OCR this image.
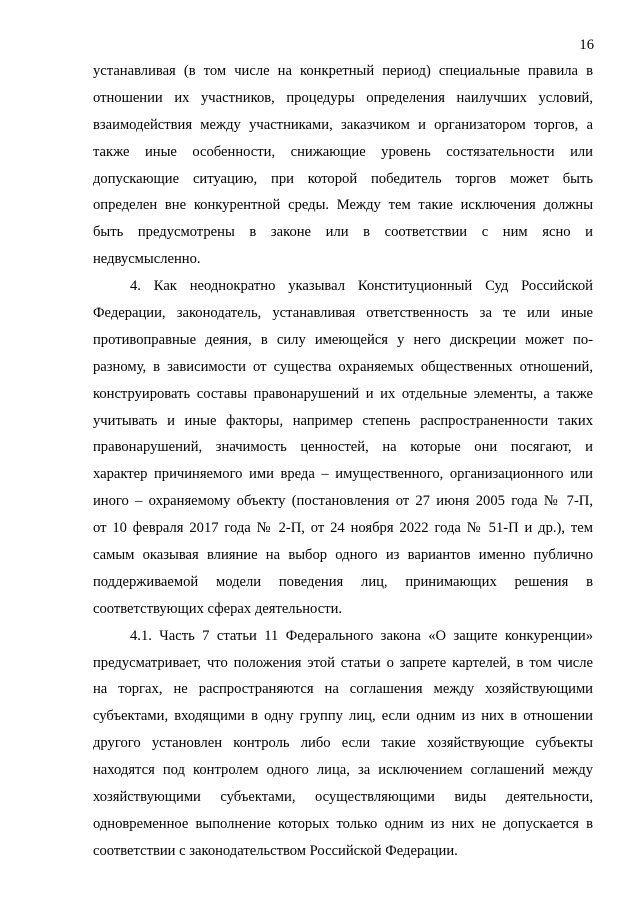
16
устанавливая (в том числе на конкретный период) специальные правила в
отношении их участников, процедуры определения наилучших условий,
взаимодействия между участниками, заказчиком и организатором торгов, а
также иные особенности, снижающие уровень состязательности или
допускающие ситуацию, при которой победитель торгов может быть
определен вне конкурентной среды. Между тем такие исключения должны
быть предусмотрены в законе или в соответствии с ним ясно и
недвусмысленно.
4. Как неоднократно указывал Конституционный Суд Российской
Федерации, законодатель, устанавливая ответственность за те или иные
противоправные деяния, в силу имеющейся у него дискреции может по-
разному, в зависимости от существа охраняемых общественных отношений,
конструировать составы правонарушений и их отдельные элементы, а также
учитывать и иные факторы, например степень распространенности таких
правонарушений, значимость ценностей, на которые они посягают, и
характер причиняемого ими вреда – имущественного, организационного или
иного – охраняемому объекту (постановления от 27 июня 2005 года № 7-П,
от 10 февраля 2017 года № 2-П, от 24 ноября 2022 года № 51-П и др.), тем
самым оказывая влияние на выбор одного из вариантов именно публично
поддерживаемой модели поведения лиц, принимающих решения в
соответствующих сферах деятельности.
4.1. Часть 7 статьи 11 Федерального закона «О защите конкуренции»
предусматривает, что положения этой статьи о запрете картелей, в том числе
на торгах, не распространяются на соглашения между хозяйствующими
субъектами, входящими в одну группу лиц, если одним из них в отношении
другого установлен контроль либо если такие хозяйствующие субъекты
находятся под контролем одного лица, за исключением соглашений между
хозяйствующими субъектами, осуществляющими виды деятельности,
одновременное выполнение которых только одним из них не допускается в
соответствии с законодательством Российской Федерации.
